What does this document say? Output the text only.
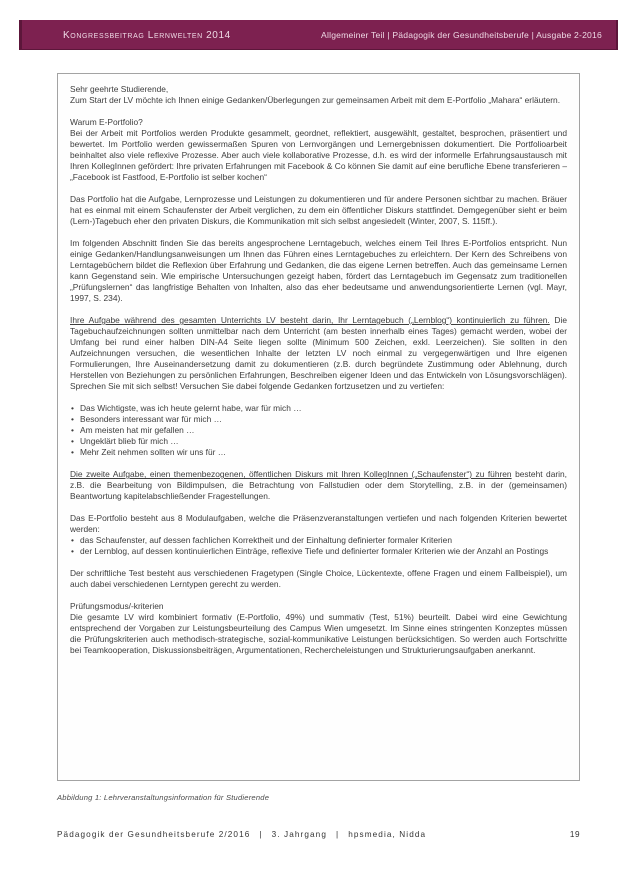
Kongressbeitrag Lernwelten 2014	Allgemeiner Teil | Pädagogik der Gesundheitsberufe | Ausgabe 2-2016

Sehr geehrte Studierende,
Zum Start der LV möchte ich Ihnen einige Gedanken/Überlegungen zur gemeinsamen Arbeit mit dem E-Portfolio „Mahara“ erläutern.

Warum E-Portfolio?
Bei der Arbeit mit Portfolios werden Produkte gesammelt, geordnet, reflektiert, ausgewählt, gestaltet, besprochen, präsentiert und bewertet. Im Portfolio werden gewissermaßen Spuren von Lernvorgängen und Lernergebnissen dokumentiert. Die Portfolioarbeit beinhaltet also viele reflexive Prozesse. Aber auch viele kollaborative Prozesse, d.h. es wird der informelle Erfahrungsaustausch mit Ihren KollegInnen gefördert: Ihre privaten Erfahrungen mit Facebook & Co können Sie damit auf eine berufliche Ebene transferieren – „Facebook ist Fastfood, E-Portfolio ist selber kochen“

Das Portfolio hat die Aufgabe, Lernprozesse und Leistungen zu dokumentieren und für andere Personen sichtbar zu machen. Bräuer hat es einmal mit einem Schaufenster der Arbeit verglichen, zu dem ein öffentlicher Diskurs stattfindet. Demgegenüber sieht er beim (Lern-)Tagebuch eher den privaten Diskurs, die Kommunikation mit sich selbst angesiedelt (Winter, 2007, S. 115ff.).

Im folgenden Abschnitt finden Sie das bereits angesprochene Lerntagebuch, welches einem Teil Ihres E-Portfolios entspricht. Nun einige Gedanken/Handlungsanweisungen um Ihnen das Führen eines Lerntagebuches zu erleichtern. Der Kern des Schreibens von Lerntagebüchern bildet die Reflexion über Erfahrung und Gedanken, die das eigene Lernen betreffen. Auch das gemeinsame Lernen kann Gegenstand sein. Wie empirische Untersuchungen gezeigt haben, fördert das Lerntagebuch im Gegensatz zum traditionellen „Prüfungslernen“ das langfristige Behalten von Inhalten, also das eher bedeutsame und anwendungsorientierte Lernen (vgl. Mayr, 1997, S. 234).

Ihre Aufgabe während des gesamten Unterrichts LV besteht darin, Ihr Lerntagebuch („Lernblog“) kontinuierlich zu führen. Die Tagebuchaufzeichnungen sollten unmittelbar nach dem Unterricht (am besten innerhalb eines Tages) gemacht werden, wobei der Umfang bei rund einer halben DIN-A4 Seite liegen sollte (Minimum 500 Zeichen, exkl. Leerzeichen). Sie sollten in den Aufzeichnungen versuchen, die wesentlichen Inhalte der letzten LV noch einmal zu vergegenwärtigen und Ihre eigenen Formulierungen, Ihre Auseinandersetzung damit zu dokumentieren (z.B. durch begründete Zustimmung oder Ablehnung, durch Herstellen von Beziehungen zu persönlichen Erfahrungen, Beschreiben eigener Ideen und das Entwickeln von Lösungsvorschlägen). Sprechen Sie mit sich selbst! Versuchen Sie dabei folgende Gedanken fortzusetzen und zu vertiefen:

• Das Wichtigste, was ich heute gelernt habe, war für mich …
• Besonders interessant war für mich …
• Am meisten hat mir gefallen …
• Ungeklärt blieb für mich …
• Mehr Zeit nehmen sollten wir uns für …

Die zweite Aufgabe, einen themenbezogenen, öffentlichen Diskurs mit Ihren KollegInnen („Schaufenster“) zu führen besteht darin, z.B. die Bearbeitung von Bildimpulsen, die Betrachtung von Fallstudien oder dem Storytelling, z.B. in der (gemeinsamen) Beantwortung kapitelabschließender Fragestellungen.

Das E-Portfolio besteht aus 8 Modulaufgaben, welche die Präsenzveranstaltungen vertiefen und nach folgenden Kriterien bewertet werden:

• das Schaufenster, auf dessen fachlichen Korrektheit und der Einhaltung definierter formaler Kriterien
• der Lernblog, auf dessen kontinuierlichen Einträge, reflexive Tiefe und definierter formaler Kriterien wie der Anzahl an Postings

Der schriftliche Test besteht aus verschiedenen Fragetypen (Single Choice, Lückentexte, offene Fragen und einem Fallbeispiel), um auch dabei verschiedenen Lerntypen gerecht zu werden.

Prüfungsmodus/-kriterien
Die gesamte LV wird kombiniert formativ (E-Portfolio, 49%) und summativ (Test, 51%) beurteilt. Dabei wird eine Gewichtung entsprechend der Vorgaben zur Leistungsbeurteilung des Campus Wien umgesetzt. Im Sinne eines stringenten Konzeptes müssen die Prüfungskriterien auch methodisch-strategische, sozial-kommunikative Leistungen berücksichtigen. So werden auch Fortschritte bei Teamkooperation, Diskussionsbeiträgen, Argumentationen, Rechercheleistungen und Strukturierungsaufgaben anerkannt.

Abbildung 1: Lehrveranstaltungsinformation für Studierende
Pädagogik der Gesundheitsberufe 2/2016 | 3. Jahrgang | hpsmedia, Nidda	19
